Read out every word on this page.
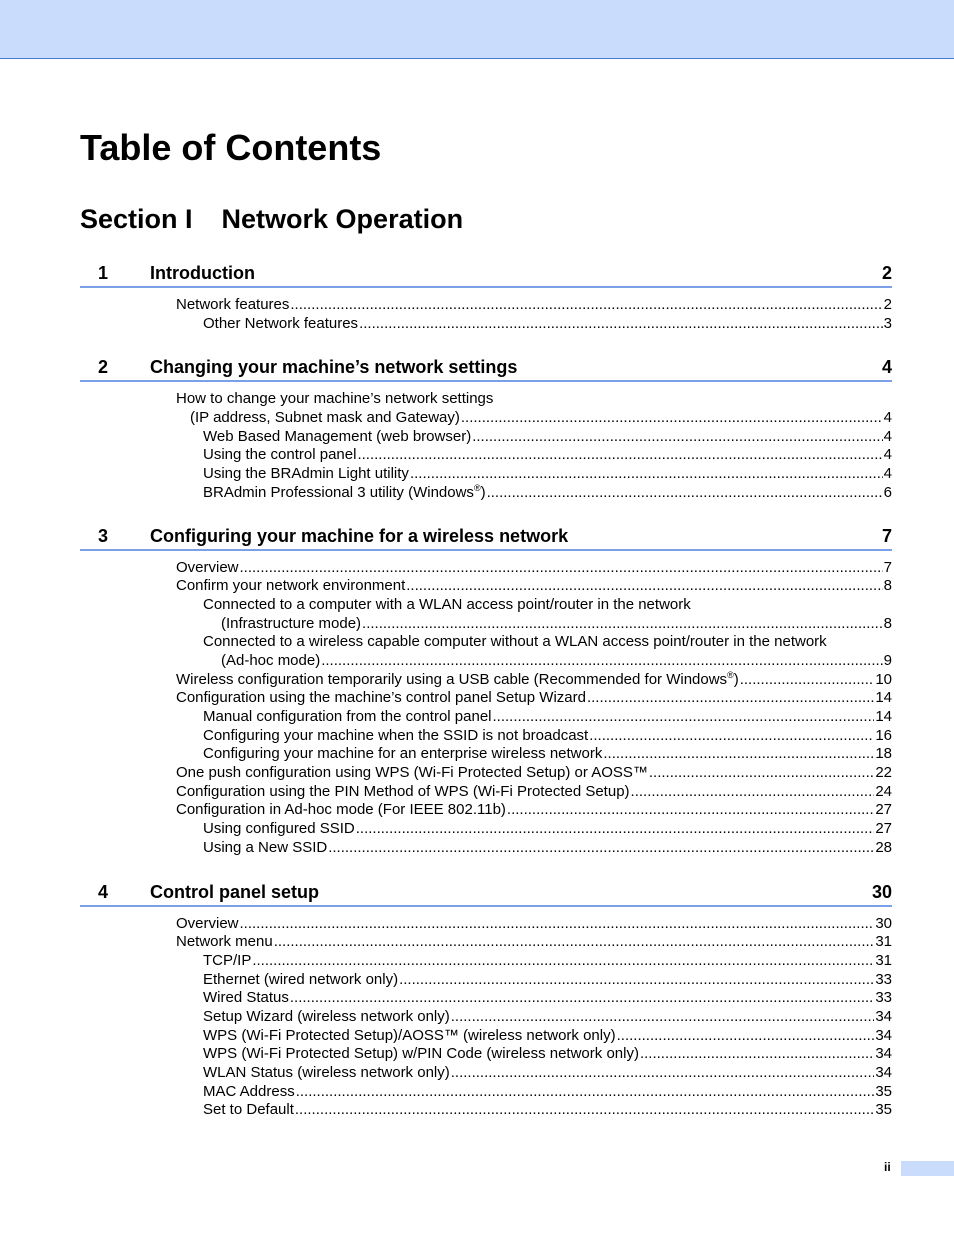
Table of Contents
Section I Network Operation
1 Introduction	2
Network features .....	2
Other Network features .....	3
2 Changing your machine’s network settings	4
How to change your machine’s network settings
(IP address, Subnet mask and Gateway) .....	4
Web Based Management (web browser) .....	4
Using the control panel .....	4
Using the BRAdmin Light utility .....	4
BRAdmin Professional 3 utility (Windows®) .....	6
3 Configuring your machine for a wireless network	7
Overview .....	7
Confirm your network environment .....	8
Connected to a computer with a WLAN access point/router in the network
(Infrastructure mode) .....	8
Connected to a wireless capable computer without a WLAN access point/router in the network
(Ad-hoc mode) .....	9
Wireless configuration temporarily using a USB cable (Recommended for Windows®) .....	10
Configuration using the machine’s control panel Setup Wizard .....	14
Manual configuration from the control panel .....	14
Configuring your machine when the SSID is not broadcast .....	16
Configuring your machine for an enterprise wireless network .....	18
One push configuration using WPS (Wi-Fi Protected Setup) or AOSS™ .....	22
Configuration using the PIN Method of WPS (Wi-Fi Protected Setup) .....	24
Configuration in Ad-hoc mode (For IEEE 802.11b) .....	27
Using configured SSID .....	27
Using a New SSID .....	28
4 Control panel setup	30
Overview .....	30
Network menu .....	31
TCP/IP .....	31
Ethernet (wired network only) .....	33
Wired Status .....	33
Setup Wizard (wireless network only) .....	34
WPS (Wi-Fi Protected Setup)/AOSS™ (wireless network only) .....	34
WPS (Wi-Fi Protected Setup) w/PIN Code (wireless network only) .....	34
WLAN Status (wireless network only) .....	34
MAC Address .....	35
Set to Default .....	35
ii
